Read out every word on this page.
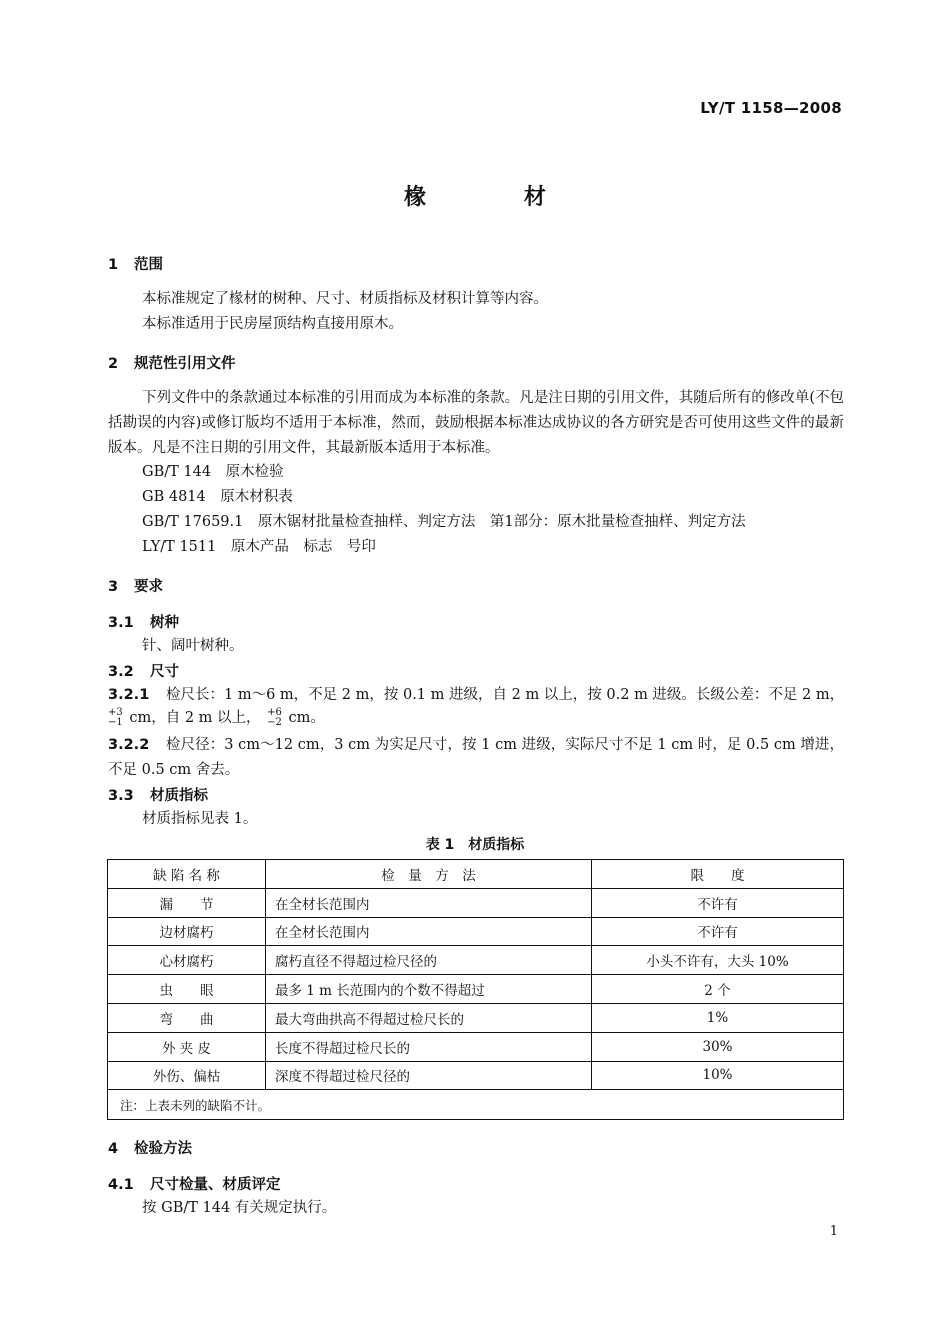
LY/T 1158—2008
椽 材
1 范围
本标准规定了椽材的树种、尺寸、材质指标及材积计算等内容。
本标准适用于民房屋顶结构直接用原木。
2 规范性引用文件
下列文件中的条款通过本标准的引用而成为本标准的条款。凡是注日期的引用文件，其随后所有的修改单(不包括勘误的内容)或修订版均不适用于本标准，然而，鼓励根据本标准达成协议的各方研究是否可使用这些文件的最新版本。凡是不注日期的引用文件，其最新版本适用于本标准。
GB/T 144　原木检验
GB 4814　原木材积表
GB/T 17659.1　原木锯材批量检查抽样、判定方法　第1部分：原木批量检查抽样、判定方法
LY/T 1511　原木产品　标志　号印
3 要求
3.1 树种
针、阔叶树种。
3.2 尺寸
3.2.1 检尺长：1 m～6 m，不足 2 m，按 0.1 m 进级，自 2 m 以上，按 0.2 m 进级。长级公差：不足 2 m，
+3
−1 cm，自 2 m 以上， +6
−2 cm。
3.2.2 检尺径：3 cm～12 cm，3 cm 为实足尺寸，按 1 cm 进级，实际尺寸不足 1 cm 时，足 0.5 cm 增进，不足 0.5 cm 舍去。
3.3 材质指标
材质指标见表 1。
表 1　材质指标
缺 陷 名 称	检　量　方　法	限　　度
漏　　节	在全材长范围内	不许有
边材腐朽	在全材长范围内	不许有
心材腐朽	腐朽直径不得超过检尺径的	小头不许有，大头 10%
虫　　眼	最多 1 m 长范围内的个数不得超过	2 个
弯　　曲	最大弯曲拱高不得超过检尺长的	1%
外 夹 皮	长度不得超过检尺长的	30%
外伤、偏枯	深度不得超过检尺径的	10%
注：上表未列的缺陷不计。		
4 检验方法
4.1 尺寸检量、材质评定
按 GB/T 144 有关规定执行。
1
